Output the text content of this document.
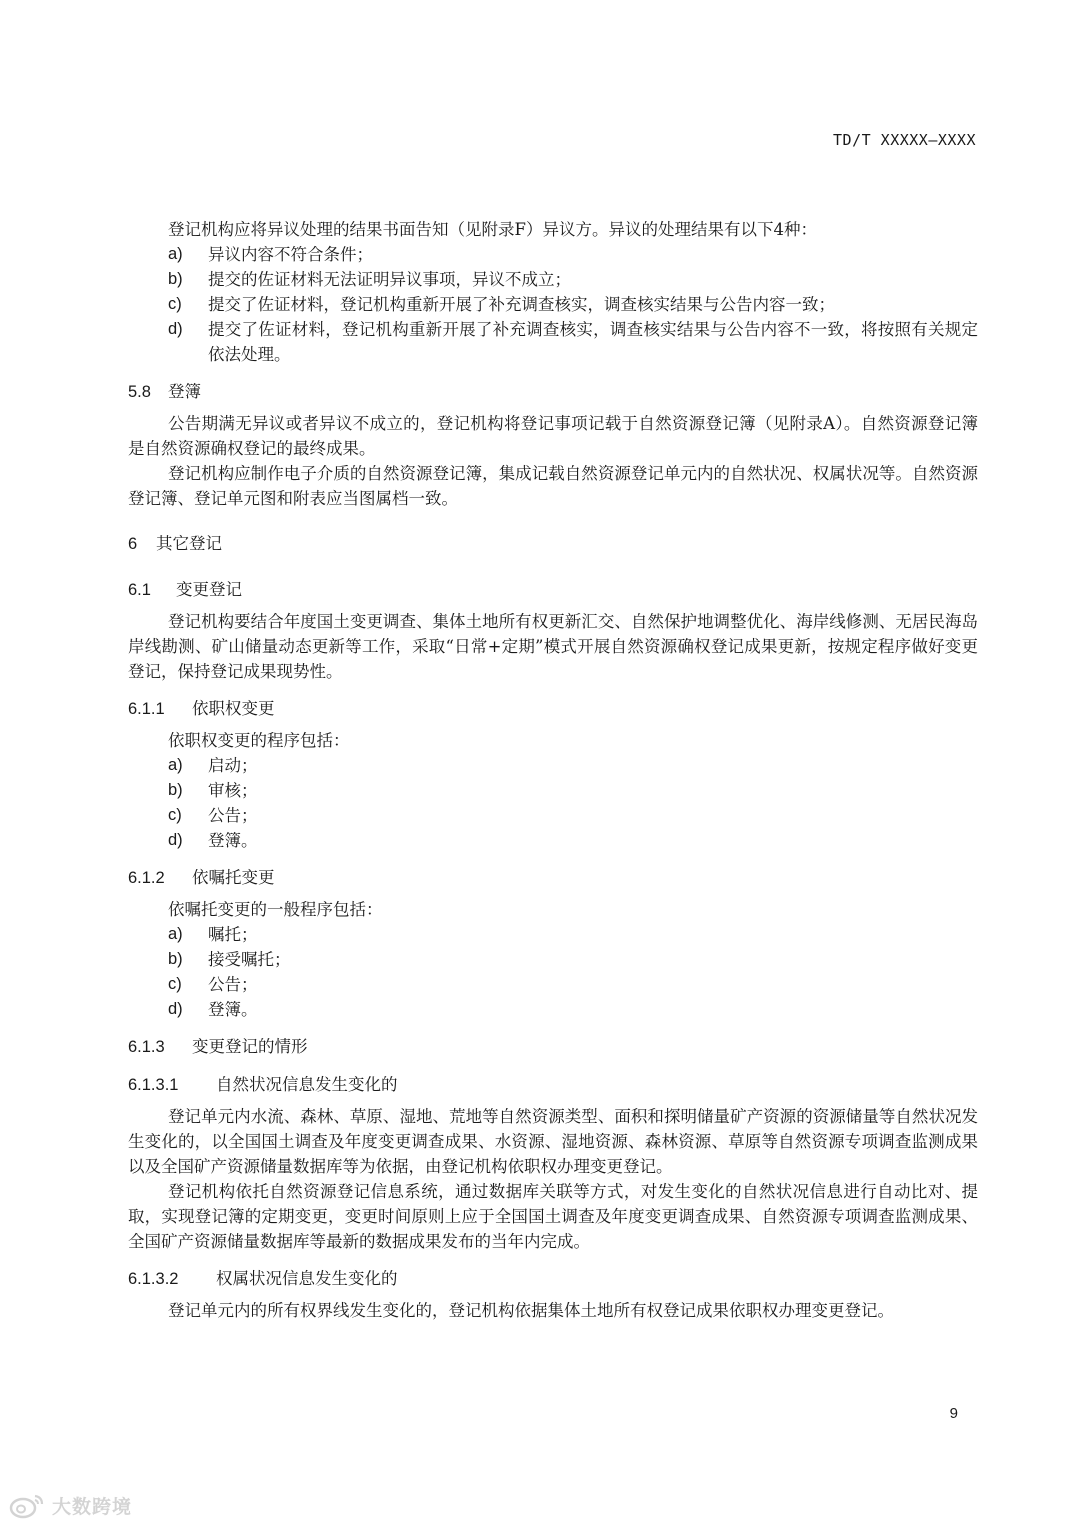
TD/T XXXXX—XXXX

登记机构应将异议处理的结果书面告知（见附录F）异议方。异议的处理结果有以下4种：

a)	异议内容不符合条件；
b)	提交的佐证材料无法证明异议事项，异议不成立；
c)	提交了佐证材料，登记机构重新开展了补充调查核实，调查核实结果与公告内容一致；
d)	提交了佐证材料，登记机构重新开展了补充调查核实，调查核实结果与公告内容不一致，将按照有关规定依法处理。
5.8 登簿

公告期满无异议或者异议不成立的，登记机构将登记事项记载于自然资源登记簿（见附录A）。自然资源登记簿是自然资源确权登记的最终成果。

登记机构应制作电子介质的自然资源登记簿，集成记载自然资源登记单元内的自然状况、权属状况等。自然资源登记簿、登记单元图和附表应当图属档一致。

6 其它登记
6.1 变更登记

登记机构要结合年度国土变更调查、集体土地所有权更新汇交、自然保护地调整优化、海岸线修测、无居民海岛岸线勘测、矿山储量动态更新等工作，采取“日常+定期”模式开展自然资源确权登记成果更新，按规定程序做好变更登记，保持登记成果现势性。

6.1.1 依职权变更

依职权变更的程序包括：

a)	启动；
b)	审核；
c)	公告；
d)	登簿。
6.1.2 依嘱托变更

依嘱托变更的一般程序包括：

a)	嘱托；
b)	接受嘱托；
c)	公告；
d)	登簿。
6.1.3 变更登记的情形
6.1.3.1 自然状况信息发生变化的

登记单元内水流、森林、草原、湿地、荒地等自然资源类型、面积和探明储量矿产资源的资源储量等自然状况发生变化的，以全国国土调查及年度变更调查成果、水资源、湿地资源、森林资源、草原等自然资源专项调查监测成果以及全国矿产资源储量数据库等为依据，由登记机构依职权办理变更登记。

登记机构依托自然资源登记信息系统，通过数据库关联等方式，对发生变化的自然状况信息进行自动比对、提取，实现登记簿的定期变更，变更时间原则上应于全国国土调查及年度变更调查成果、自然资源专项调查监测成果、全国矿产资源储量数据库等最新的数据成果发布的当年内完成。

6.1.3.2 权属状况信息发生变化的

登记单元内的所有权界线发生变化的，登记机构依据集体土地所有权登记成果依职权办理变更登记。

9
大数跨境
